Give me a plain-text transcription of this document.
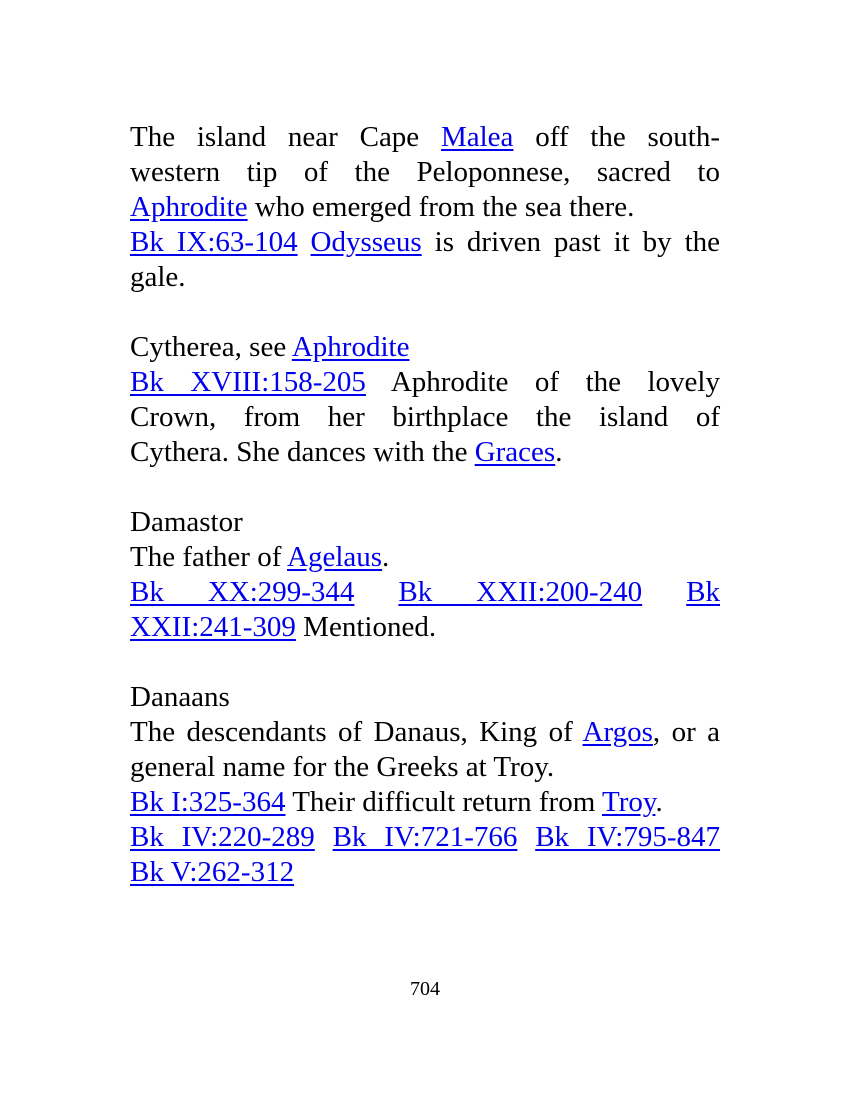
The island near Cape Malea off the south-
western tip of the Peloponnese, sacred to
Aphrodite who emerged from the sea there.
Bk IX:63-104 Odysseus is driven past it by the
gale.
Cytherea, see Aphrodite
Bk XVIII:158-205 Aphrodite of the lovely
Crown, from her birthplace the island of
Cythera. She dances with the Graces.
Damastor
The father of Agelaus.
Bk XX:299-344 Bk XXII:200-240 Bk
XXII:241-309 Mentioned.
Danaans
The descendants of Danaus, King of Argos, or a
general name for the Greeks at Troy.
Bk I:325-364 Their difficult return from Troy.
Bk IV:220-289 Bk IV:721-766 Bk IV:795-847
Bk V:262-312
704
